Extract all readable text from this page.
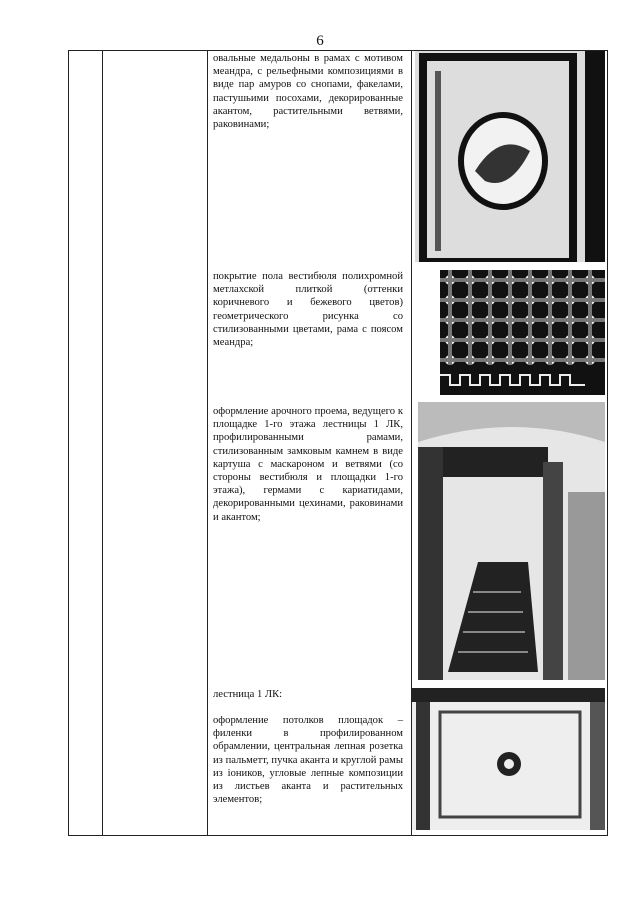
6
овальные медальоны в рамах с мотивом меандра, с рельефными композициями в виде пар амуров со снопами, факелами, пастушьими посохами, декорированные акантом, растительными ветвями, раковинами;
покрытие пола вестибюля полихромной метлахской плиткой (оттенки коричневого и бежевого цветов) геометрического рисунка со стилизованными цветами, рама с поясом меандра;
оформление арочного проема, ведущего к площадке 1-го этажа лестницы 1 ЛК, профилированными рамами, стилизованным замковым камнем в виде картуша с маскароном и ветвями (со стороны вестибюля и площадки 1-го этажа), гермами с кариатидами, декорированными цехинами, раковинами и акантом;
лестница 1 ЛК:
оформление потолков площадок – филенки в профилированном обрамлении, центральная лепная розетка из пальметт, пучка аканта и круглой рамы из ioников, угловые лепные композиции из листьев аканта и растительных элементов;
